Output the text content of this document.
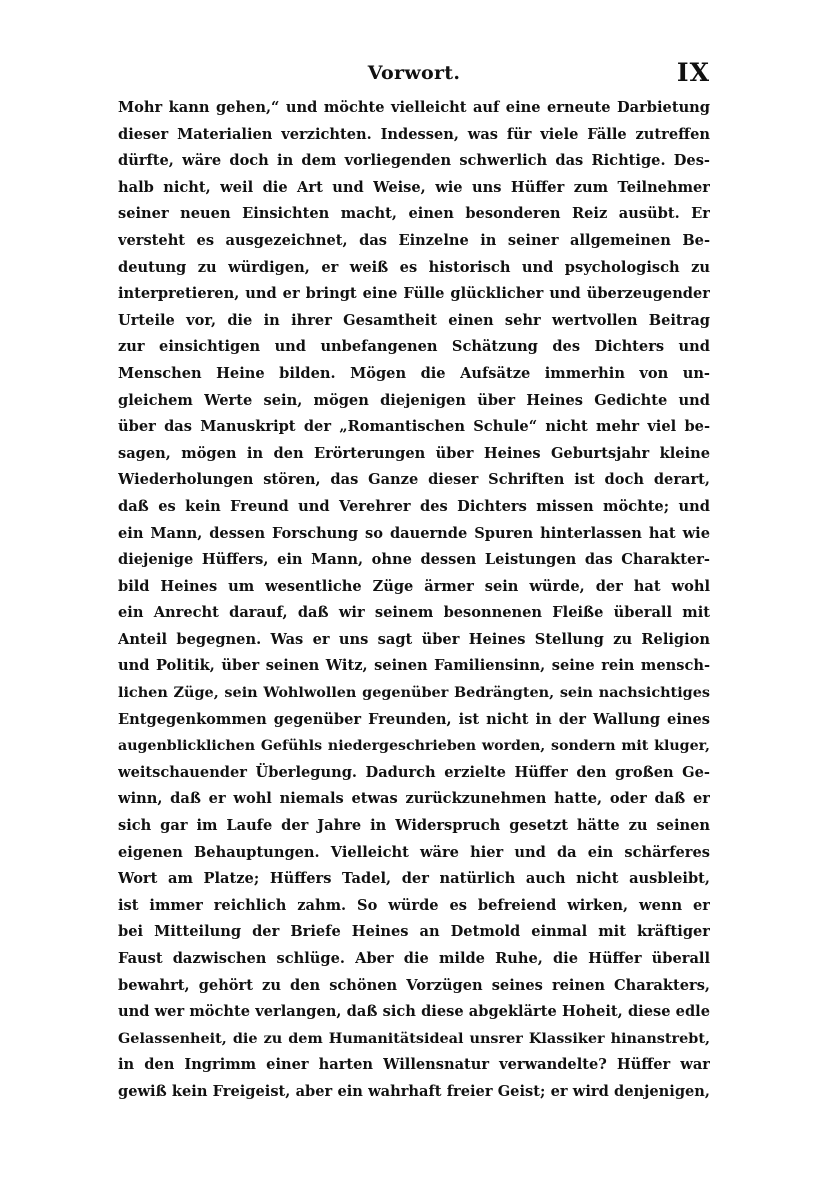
Vorwort.	IX
Mohr kann gehen,“ und möchte vielleicht auf eine erneute Darbietung
dieser Materialien verzichten. Indessen, was für viele Fälle zutreffen
dürfte, wäre doch in dem vorliegenden schwerlich das Richtige. Des-
halb nicht, weil die Art und Weise, wie uns Hüffer zum Teilnehmer
seiner neuen Einsichten macht, einen besonderen Reiz ausübt. Er
versteht es ausgezeichnet, das Einzelne in seiner allgemeinen Be-
deutung zu würdigen, er weiß es historisch und psychologisch zu
interpretieren, und er bringt eine Fülle glücklicher und überzeugender
Urteile vor, die in ihrer Gesamtheit einen sehr wertvollen Beitrag
zur einsichtigen und unbefangenen Schätzung des Dichters und
Menschen Heine bilden. Mögen die Aufsätze immerhin von un-
gleichem Werte sein, mögen diejenigen über Heines Gedichte und
über das Manuskript der „Romantischen Schule“ nicht mehr viel be-
sagen, mögen in den Erörterungen über Heines Geburtsjahr kleine
Wiederholungen stören, das Ganze dieser Schriften ist doch derart,
daß es kein Freund und Verehrer des Dichters missen möchte; und
ein Mann, dessen Forschung so dauernde Spuren hinterlassen hat wie
diejenige Hüffers, ein Mann, ohne dessen Leistungen das Charakter-
bild Heines um wesentliche Züge ärmer sein würde, der hat wohl
ein Anrecht darauf, daß wir seinem besonnenen Fleiße überall mit
Anteil begegnen. Was er uns sagt über Heines Stellung zu Religion
und Politik, über seinen Witz, seinen Familiensinn, seine rein mensch-
lichen Züge, sein Wohlwollen gegenüber Bedrängten, sein nachsichtiges
Entgegenkommen gegenüber Freunden, ist nicht in der Wallung eines
augenblicklichen Gefühls niedergeschrieben worden, sondern mit kluger,
weitschauender Überlegung. Dadurch erzielte Hüffer den großen Ge-
winn, daß er wohl niemals etwas zurückzunehmen hatte, oder daß er
sich gar im Laufe der Jahre in Widerspruch gesetzt hätte zu seinen
eigenen Behauptungen. Vielleicht wäre hier und da ein schärferes
Wort am Platze; Hüffers Tadel, der natürlich auch nicht ausbleibt,
ist immer reichlich zahm. So würde es befreiend wirken, wenn er
bei Mitteilung der Briefe Heines an Detmold einmal mit kräftiger
Faust dazwischen schlüge. Aber die milde Ruhe, die Hüffer überall
bewahrt, gehört zu den schönen Vorzügen seines reinen Charakters,
und wer möchte verlangen, daß sich diese abgeklärte Hoheit, diese edle
Gelassenheit, die zu dem Humanitätsideal unsrer Klassiker hinanstrebt,
in den Ingrimm einer harten Willensnatur verwandelte? Hüffer war
gewiß kein Freigeist, aber ein wahrhaft freier Geist; er wird denjenigen,
